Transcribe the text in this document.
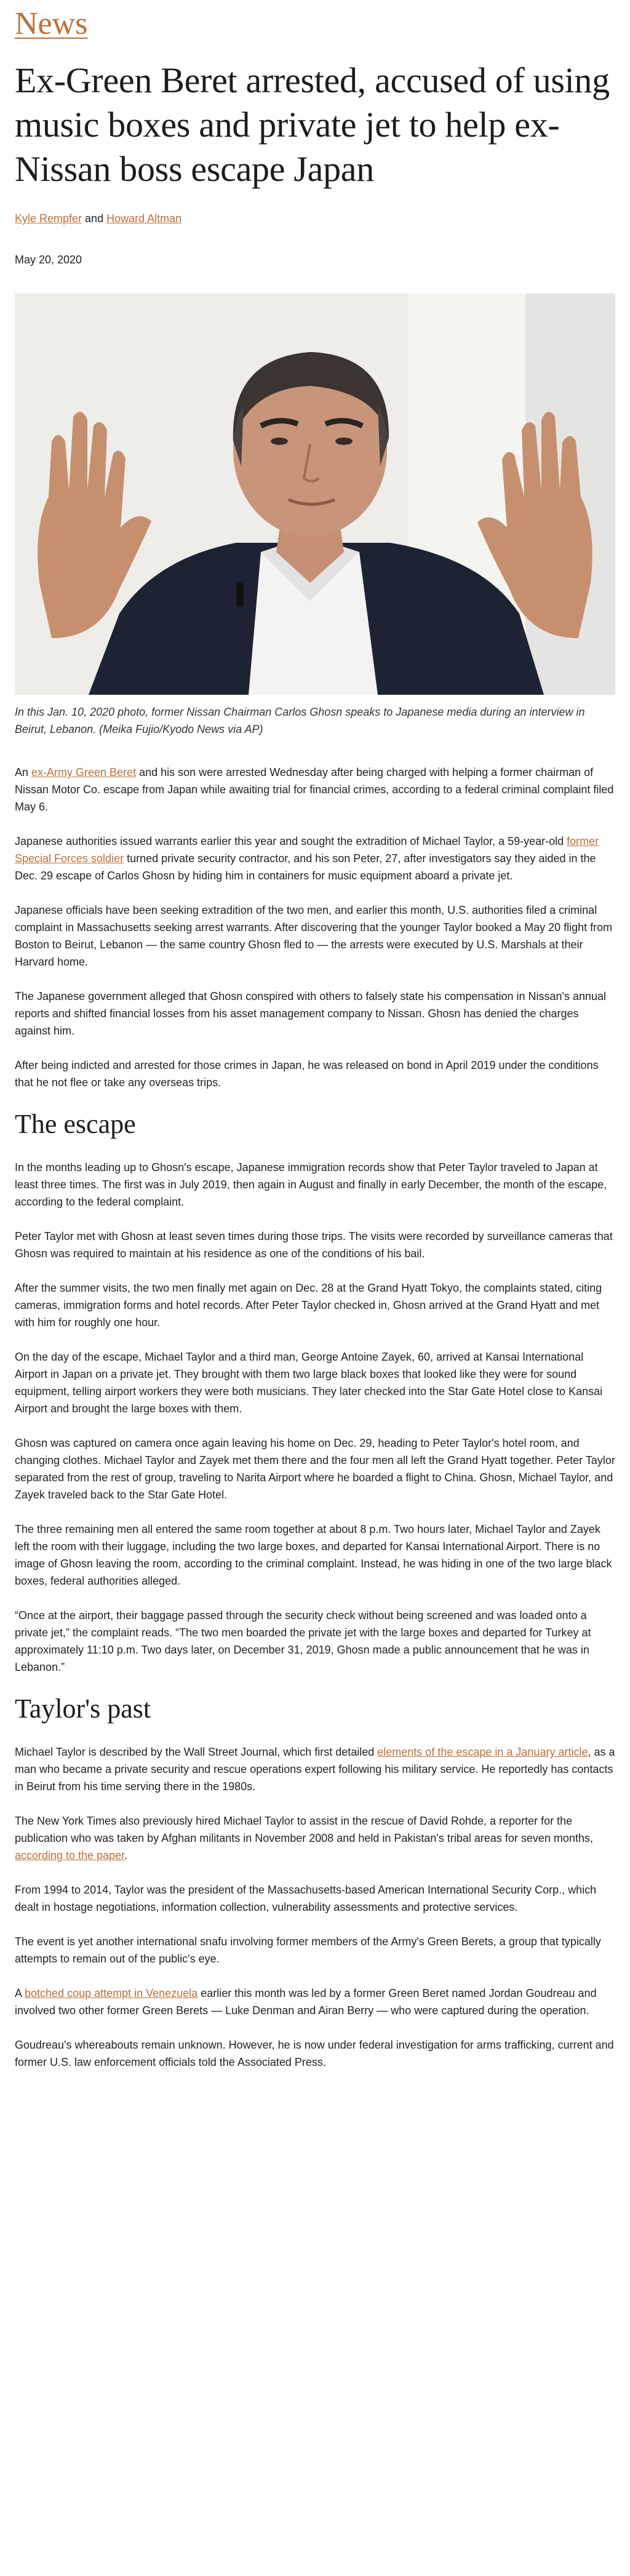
News
Ex-Green Beret arrested, accused of using music boxes and private jet to help ex-Nissan boss escape Japan
Kyle Rempfer and Howard Altman
May 20, 2020
In this Jan. 10, 2020 photo, former Nissan Chairman Carlos Ghosn speaks to Japanese media during an interview in Beirut, Lebanon. (Meika Fujio/Kyodo News via AP)

An ex-Army Green Beret and his son were arrested Wednesday after being charged with helping a former chairman of Nissan Motor Co. escape from Japan while awaiting trial for financial crimes, according to a federal criminal complaint filed May 6.

Japanese authorities issued warrants earlier this year and sought the extradition of Michael Taylor, a 59-year-old former Special Forces soldier turned private security contractor, and his son Peter, 27, after investigators say they aided in the Dec. 29 escape of Carlos Ghosn by hiding him in containers for music equipment aboard a private jet.

Japanese officials have been seeking extradition of the two men, and earlier this month, U.S. authorities filed a criminal complaint in Massachusetts seeking arrest warrants. After discovering that the younger Taylor booked a May 20 flight from Boston to Beirut, Lebanon — the same country Ghosn fled to — the arrests were executed by U.S. Marshals at their Harvard home.

The Japanese government alleged that Ghosn conspired with others to falsely state his compensation in Nissan's annual reports and shifted financial losses from his asset management company to Nissan. Ghosn has denied the charges against him.

After being indicted and arrested for those crimes in Japan, he was released on bond in April 2019 under the conditions that he not flee or take any overseas trips.

The escape

In the months leading up to Ghosn's escape, Japanese immigration records show that Peter Taylor traveled to Japan at least three times. The first was in July 2019, then again in August and finally in early December, the month of the escape, according to the federal complaint.

Peter Taylor met with Ghosn at least seven times during those trips. The visits were recorded by surveillance cameras that Ghosn was required to maintain at his residence as one of the conditions of his bail.

After the summer visits, the two men finally met again on Dec. 28 at the Grand Hyatt Tokyo, the complaints stated, citing cameras, immigration forms and hotel records. After Peter Taylor checked in, Ghosn arrived at the Grand Hyatt and met with him for roughly one hour.

On the day of the escape, Michael Taylor and a third man, George Antoine Zayek, 60, arrived at Kansai International Airport in Japan on a private jet. They brought with them two large black boxes that looked like they were for sound equipment, telling airport workers they were both musicians. They later checked into the Star Gate Hotel close to Kansai Airport and brought the large boxes with them.

Ghosn was captured on camera once again leaving his home on Dec. 29, heading to Peter Taylor's hotel room, and changing clothes. Michael Taylor and Zayek met them there and the four men all left the Grand Hyatt together. Peter Taylor separated from the rest of group, traveling to Narita Airport where he boarded a flight to China. Ghosn, Michael Taylor, and Zayek traveled back to the Star Gate Hotel.

The three remaining men all entered the same room together at about 8 p.m. Two hours later, Michael Taylor and Zayek left the room with their luggage, including the two large boxes, and departed for Kansai International Airport. There is no image of Ghosn leaving the room, according to the criminal complaint. Instead, he was hiding in one of the two large black boxes, federal authorities alleged.

“Once at the airport, their baggage passed through the security check without being screened and was loaded onto a private jet,” the complaint reads. “The two men boarded the private jet with the large boxes and departed for Turkey at approximately 11:10 p.m. Two days later, on December 31, 2019, Ghosn made a public announcement that he was in Lebanon.”

Taylor's past

Michael Taylor is described by the Wall Street Journal, which first detailed elements of the escape in a January article, as a man who became a private security and rescue operations expert following his military service. He reportedly has contacts in Beirut from his time serving there in the 1980s.

The New York Times also previously hired Michael Taylor to assist in the rescue of David Rohde, a reporter for the publication who was taken by Afghan militants in November 2008 and held in Pakistan's tribal areas for seven months, according to the paper.

From 1994 to 2014, Taylor was the president of the Massachusetts-based American International Security Corp., which dealt in hostage negotiations, information collection, vulnerability assessments and protective services.

The event is yet another international snafu involving former members of the Army's Green Berets, a group that typically attempts to remain out of the public's eye.

A botched coup attempt in Venezuela earlier this month was led by a former Green Beret named Jordan Goudreau and involved two other former Green Berets — Luke Denman and Airan Berry — who were captured during the operation.

Goudreau's whereabouts remain unknown. However, he is now under federal investigation for arms trafficking, current and former U.S. law enforcement officials told the Associated Press.
